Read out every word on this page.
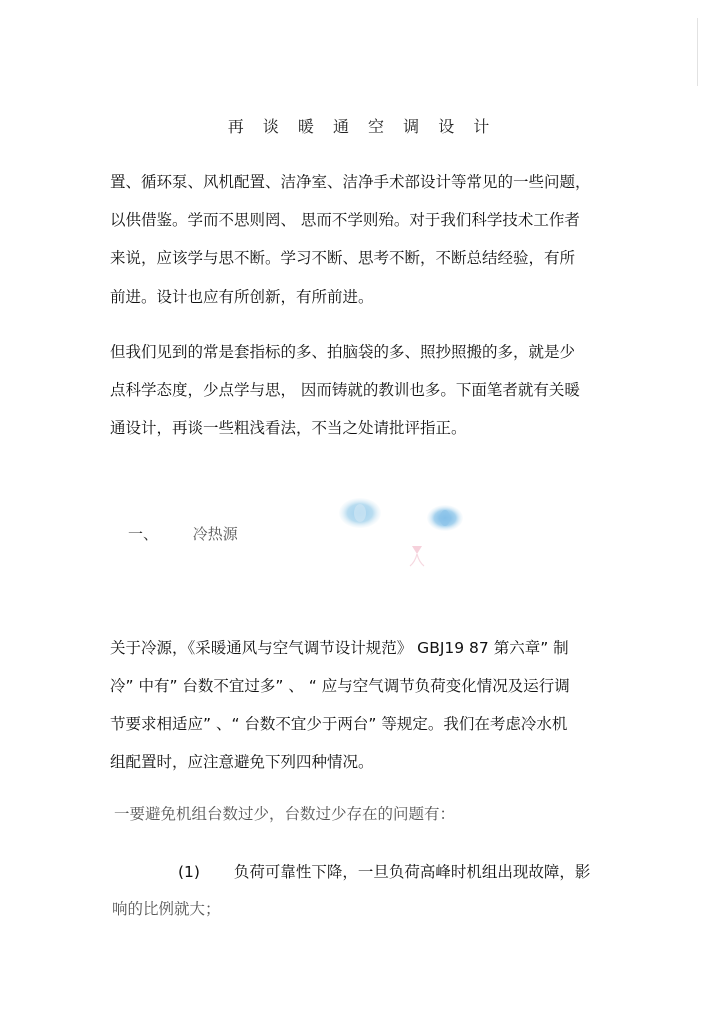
再 谈 暖 通 空 调 设 计
置、循环泵、风机配置、洁净室、洁净手术部设计等常见的一些问题，
以供借鉴。学而不思则罔、 思而不学则殆。对于我们科学技术工作者
来说，应该学与思不断。学习不断、思考不断，不断总结经验，有所
前进。设计也应有所创新，有所前进。
但我们见到的常是套指标的多、拍脑袋的多、照抄照搬的多，就是少
点科学态度，少点学与思， 因而铸就的教训也多。下面笔者就有关暖
通设计，再谈一些粗浅看法，不当之处请批评指正。
一、 冷热源
关于冷源，《采暖通风与空气调节设计规范》 GBJ19 87 第六章” 制
冷” 中有” 台数不宜过多” 、 “ 应与空气调节负荷变化情况及运行调
节要求相适应” 、“ 台数不宜少于两台” 等规定。我们在考虑冷水机
组配置时，应注意避免下列四种情况。
一要避免机组台数过少，台数过少存在的问题有：
(1) 负荷可靠性下降，一旦负荷高峰时机组出现故障，影
响的比例就大；
